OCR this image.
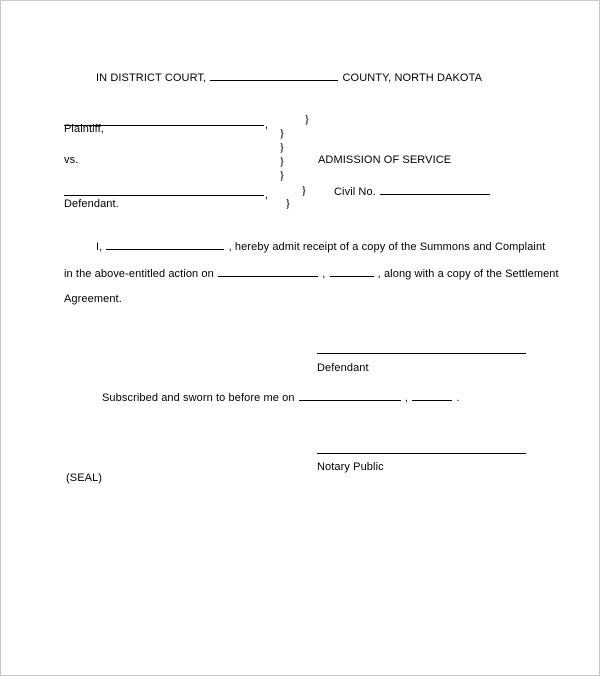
IN DISTRICT COURT,	COUNTY, NORTH DAKOTA
,
Plaintiff,
vs.
,
Defendant.
}
}
}
}
}
}
}
ADMISSION OF SERVICE
Civil No.
I,	, hereby admit receipt of a copy of the Summons and Complaint
in the above-entitled action on	,	, along with a copy of the Settlement
Agreement.
Defendant
Subscribed and sworn to before me on	,	.
Notary Public
(SEAL)
